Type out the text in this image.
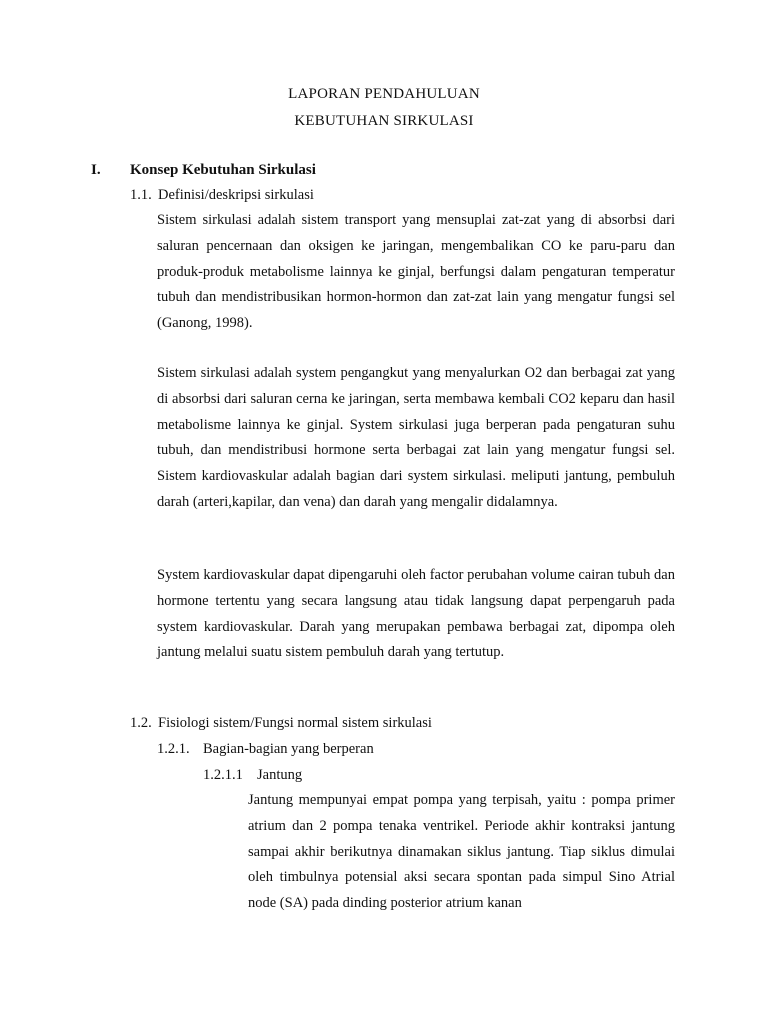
LAPORAN PENDAHULUAN
KEBUTUHAN SIRKULASI
I. Konsep Kebutuhan Sirkulasi
1.1. Definisi/deskripsi sirkulasi

Sistem sirkulasi adalah sistem transport yang mensuplai zat-zat yang di absorbsi dari saluran pencernaan dan oksigen ke jaringan, mengembalikan CO ke paru-paru dan produk-produk metabolisme lainnya ke ginjal, berfungsi dalam pengaturan temperatur tubuh dan mendistribusikan hormon-hormon dan zat-zat lain yang mengatur fungsi sel (Ganong, 1998).

Sistem sirkulasi adalah system pengangkut yang menyalurkan O2 dan berbagai zat yang di absorbsi dari saluran cerna ke jaringan, serta membawa kembali CO2 keparu dan hasil metabolisme lainnya ke ginjal. System sirkulasi juga berperan pada pengaturan suhu tubuh, dan mendistribusi hormone serta berbagai zat lain yang mengatur fungsi sel. Sistem kardiovaskular adalah bagian dari system sirkulasi. meliputi jantung, pembuluh darah (arteri,kapilar, dan vena) dan darah yang mengalir didalamnya.

System kardiovaskular dapat dipengaruhi oleh factor perubahan volume cairan tubuh dan hormone tertentu yang secara langsung atau tidak langsung dapat perpengaruh pada system kardiovaskular. Darah yang merupakan pembawa berbagai zat, dipompa oleh jantung melalui suatu sistem pembuluh darah yang tertutup.

1.2. Fisiologi sistem/Fungsi normal sistem sirkulasi
1.2.1. Bagian-bagian yang berperan
1.2.1.1 Jantung

Jantung mempunyai empat pompa yang terpisah, yaitu : pompa primer atrium dan 2 pompa tenaka ventrikel. Periode akhir kontraksi jantung sampai akhir berikutnya dinamakan siklus jantung. Tiap siklus dimulai oleh timbulnya potensial aksi secara spontan pada simpul Sino Atrial node (SA) pada dinding posterior atrium kanan
